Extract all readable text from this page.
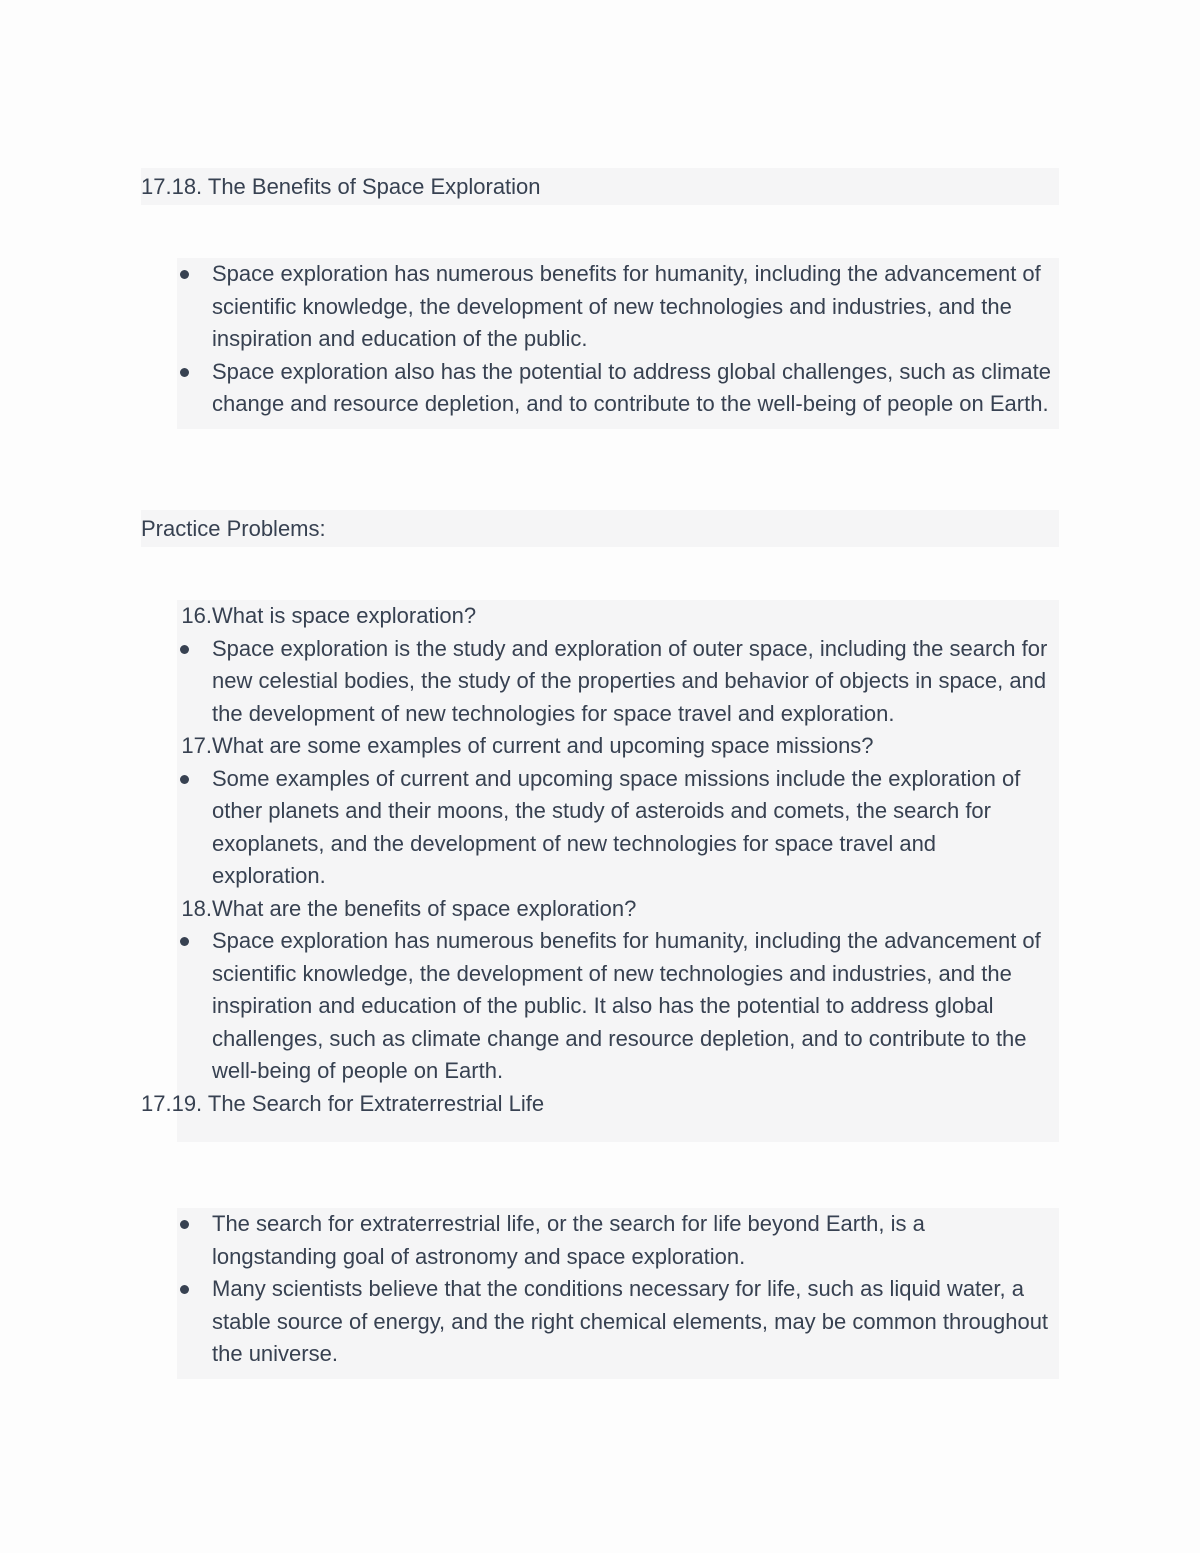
17.18. The Benefits of Space Exploration
Space exploration has numerous benefits for humanity, including the advancement of scientific knowledge, the development of new technologies and industries, and the inspiration and education of the public.
Space exploration also has the potential to address global challenges, such as climate change and resource depletion, and to contribute to the well-being of people on Earth.
Practice Problems:
16. What is space exploration?
Space exploration is the study and exploration of outer space, including the search for new celestial bodies, the study of the properties and behavior of objects in space, and the development of new technologies for space travel and exploration.
17. What are some examples of current and upcoming space missions?
Some examples of current and upcoming space missions include the exploration of other planets and their moons, the study of asteroids and comets, the search for exoplanets, and the development of new technologies for space travel and exploration.
18. What are the benefits of space exploration?
Space exploration has numerous benefits for humanity, including the advancement of scientific knowledge, the development of new technologies and industries, and the inspiration and education of the public. It also has the potential to address global challenges, such as climate change and resource depletion, and to contribute to the well-being of people on Earth.
17.19. The Search for Extraterrestrial Life
The search for extraterrestrial life, or the search for life beyond Earth, is a longstanding goal of astronomy and space exploration.
Many scientists believe that the conditions necessary for life, such as liquid water, a stable source of energy, and the right chemical elements, may be common throughout the universe.
